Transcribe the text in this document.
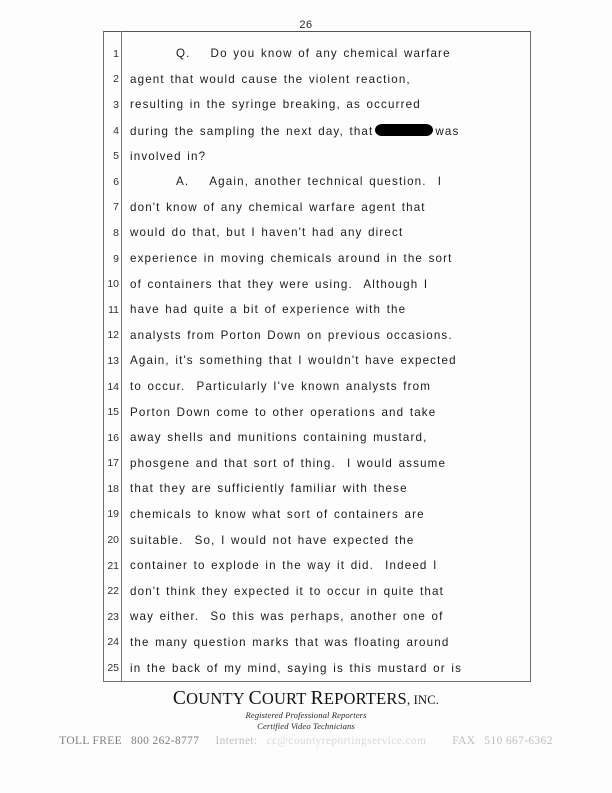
26
1	Q. Do you know of any chemical warfare
2 agent that would cause the violent reaction,
3 resulting in the syringe breaking, as occurred
4 during the sampling the next day, that	was
5 involved in?
6	A. Again, another technical question.  I
7 don't know of any chemical warfare agent that
8 would do that, but I haven't had any direct
9 experience in moving chemicals around in the sort
10 of containers that they were using.  Although I
11 have had quite a bit of experience with the
12 analysts from Porton Down on previous occasions.
13 Again, it's something that I wouldn't have expected
14 to occur.  Particularly I've known analysts from
15 Porton Down come to other operations and take
16 away shells and munitions containing mustard,
17 phosgene and that sort of thing.  I would assume
18 that they are sufficiently familiar with these
19 chemicals to know what sort of containers are
20 suitable.  So, I would not have expected the
21 container to explode in the way it did.  Indeed I
22 don't think they expected it to occur in quite that
23 way either.  So this was perhaps, another one of
24 the many question marks that was floating around
25 in the back of my mind, saying is this mustard or is
COUNTY COURT REPORTERS, INC.
Registered Professional Reporters
Certified Video Technicians
TOLL FREE 800 262-8777 Internet: cc@countyreportingservice.com FAX 510 667-6362
